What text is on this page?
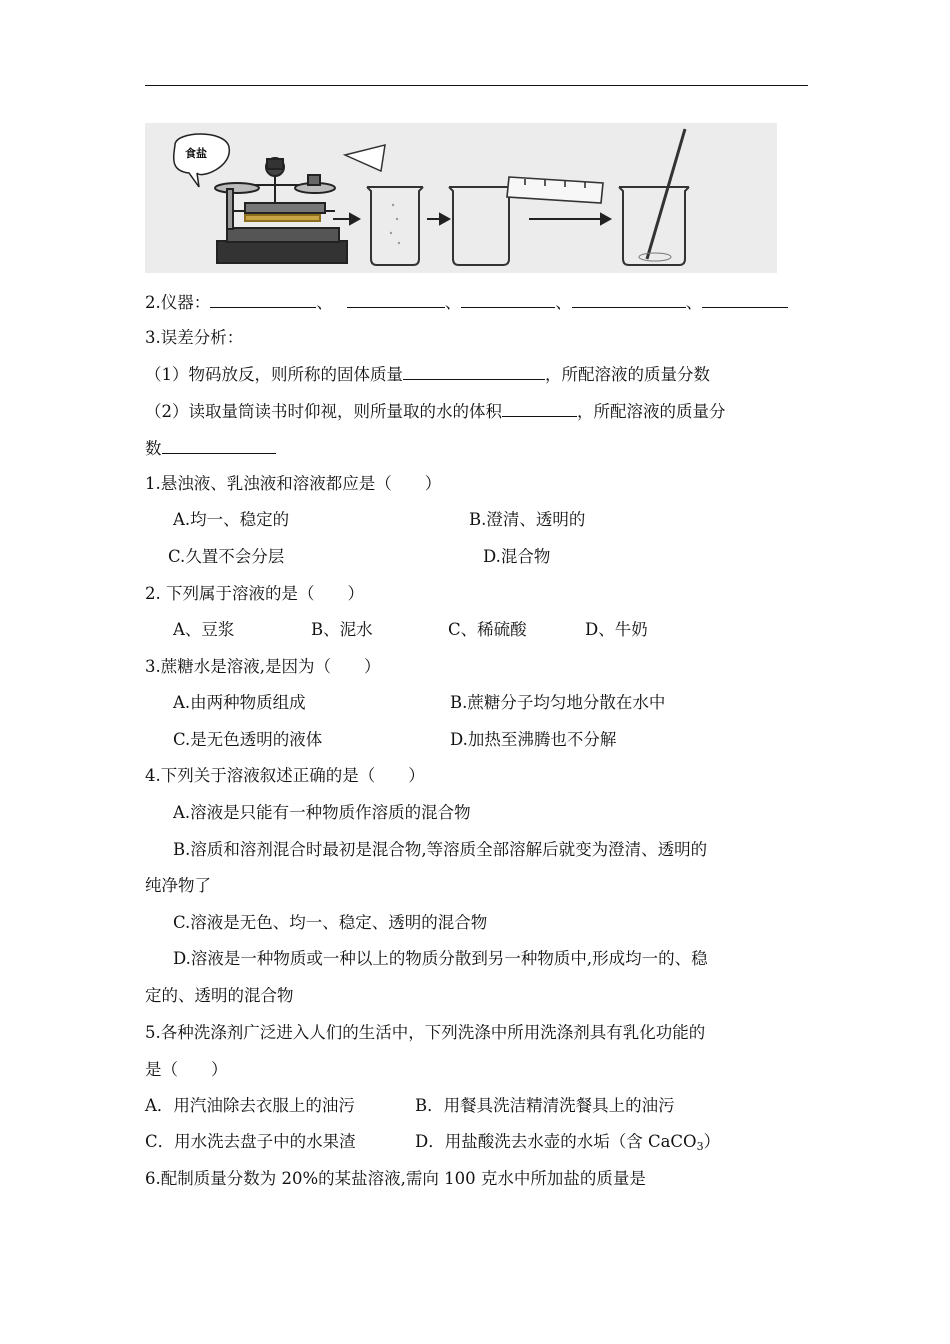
食盐
2.仪器：	、	、	、	、
3.误差分析：
（1）物码放反，则所称的固体质量	，所配溶液的质量分数
（2）读取量筒读书时仰视，则所量取的水的体积	，所配溶液的质量分
数
1.悬浊液、乳浊液和溶液都应是（　　）
A.均一、稳定的	B.澄清、透明的
C.久置不会分层	D.混合物
2. 下列属于溶液的是（　　）
A、豆浆	B、泥水	C、稀硫酸	D、牛奶
3.蔗糖水是溶液,是因为（　　）
A.由两种物质组成	B.蔗糖分子均匀地分散在水中
C.是无色透明的液体	D.加热至沸腾也不分解
4.下列关于溶液叙述正确的是（　　）
A.溶液是只能有一种物质作溶质的混合物
B.溶质和溶剂混合时最初是混合物,等溶质全部溶解后就变为澄清、透明的
纯净物了
C.溶液是无色、均一、稳定、透明的混合物
D.溶液是一种物质或一种以上的物质分散到另一种物质中,形成均一的、稳
定的、透明的混合物
5.各种洗涤剂广泛进入人们的生活中，下列洗涤中所用洗涤剂具有乳化功能的
是（　　）
A．用汽油除去衣服上的油污	B．用餐具洗洁精清洗餐具上的油污
C．用水洗去盘子中的水果渣	D．用盐酸洗去水壶的水垢（含 CaCO$_3$）
6.配制质量分数为 20%的某盐溶液,需向 100 克水中所加盐的质量是
